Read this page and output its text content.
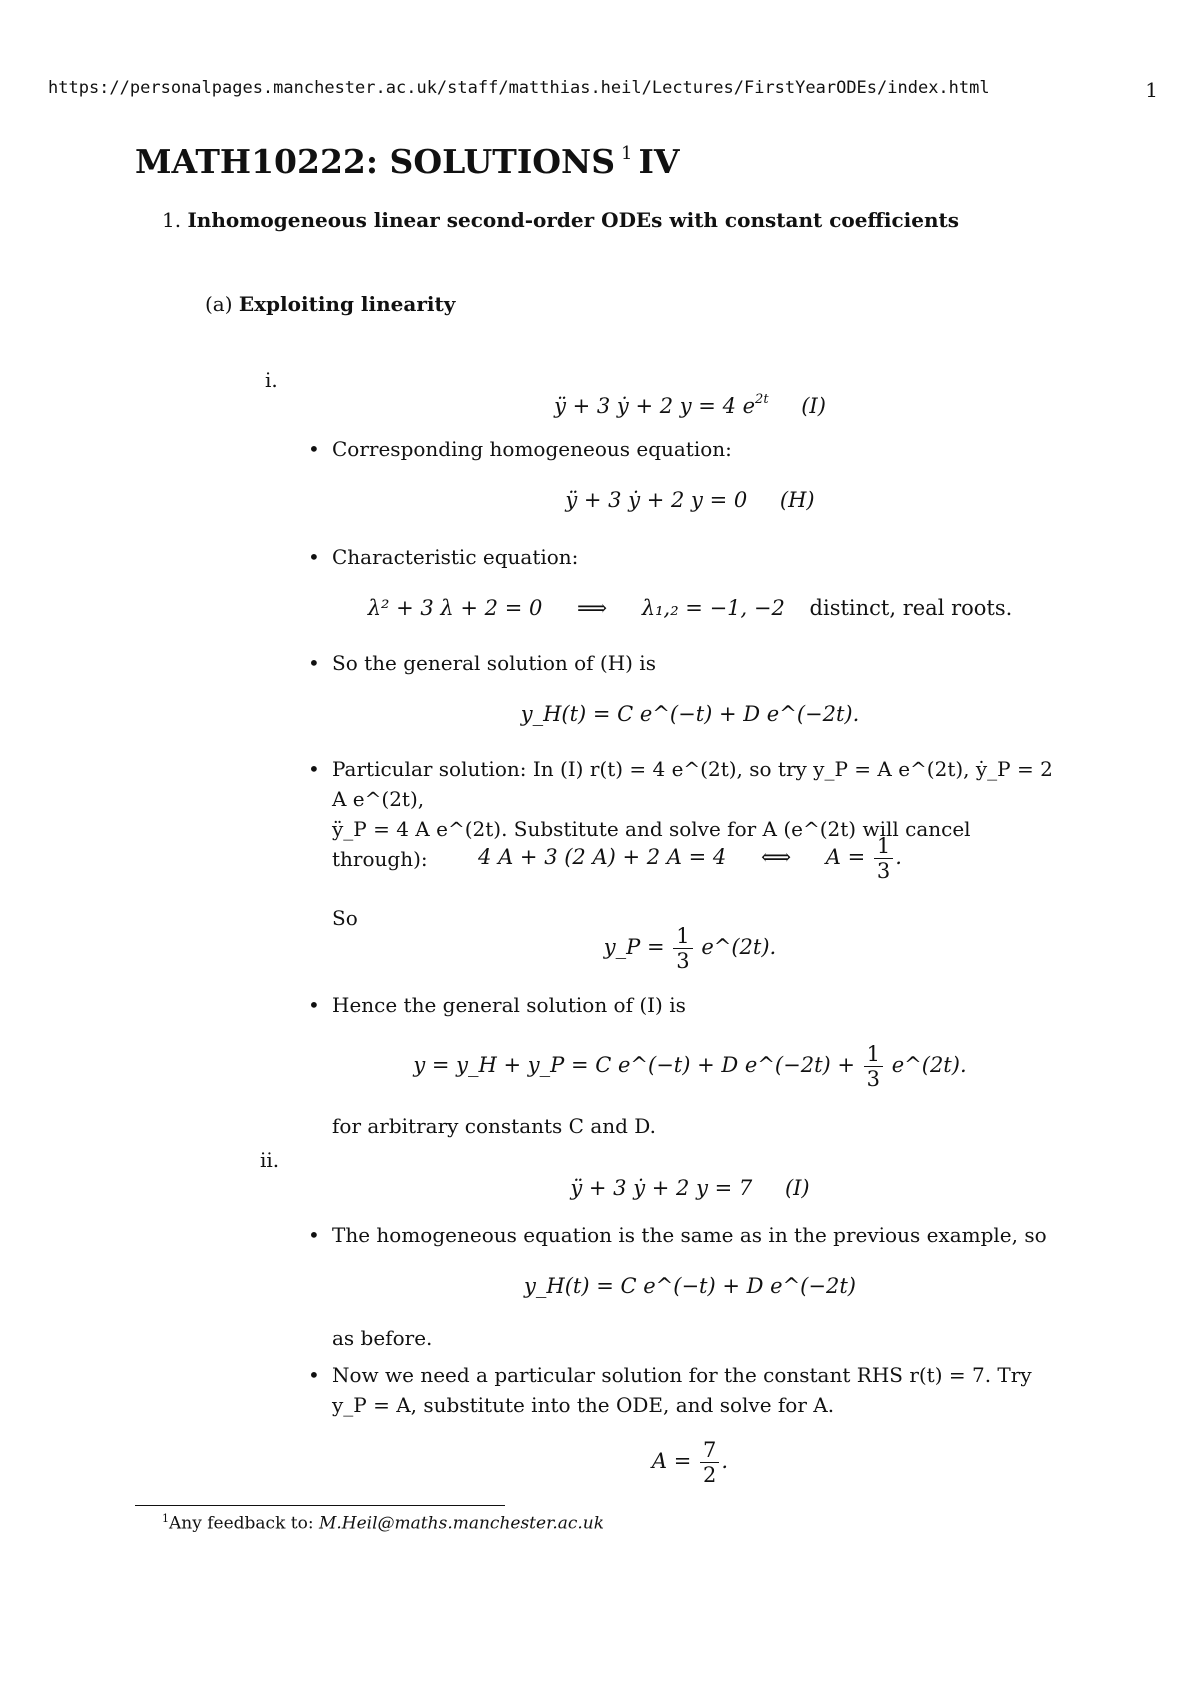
https://personalpages.manchester.ac.uk/staff/matthias.heil/Lectures/FirstYearODEs/index.html	1
MATH10222: SOLUTIONS $^1$ IV
1. Inhomogeneous linear second-order ODEs with constant coefficients
(a) Exploiting linearity
i.
ÿ + 3 ẏ + 2 y = 4 $e^{2t}$ (I)
• Corresponding homogeneous equation:
ÿ + 3 ẏ + 2 y = 0 (H)
• Characteristic equation:
λ² + 3 λ + 2 = 0 ⟹ λ₁,₂ = −1, −2 distinct, real roots.
• So the general solution of (H) is
y_H(t) = C e^(−t) + D e^(−2t).
• Particular solution: In (I) r(t) = 4 e^(2t), so try y_P = A e^(2t), ẏ_P = 2 A e^(2t),
ÿ_P = 4 A e^(2t). Substitute and solve for A (e^(2t) will cancel through):	4 A + 3 (2 A) + 2 A = 4 ⟺ $A = \frac{1}{3}$ .
So
y_P = $\frac{1}{3}$ e^(2t).
• Hence the general solution of (I) is
y = y_H + y_P = C e^(−t) + D e^(−2t) + $\frac{1}{3}$ e^(2t).
for arbitrary constants C and D.
ii.
ÿ + 3 ẏ + 2 y = 7 (I)
• The homogeneous equation is the same as in the previous example, so
y_H(t) = C e^(−t) + D e^(−2t)
as before.
• Now we need a particular solution for the constant RHS r(t) = 7. Try
y_P = A, substitute into the ODE, and solve for A.
$A = \frac{7}{2}$ .
$^1$Any feedback to: M.Heil@maths.manchester.ac.uk
